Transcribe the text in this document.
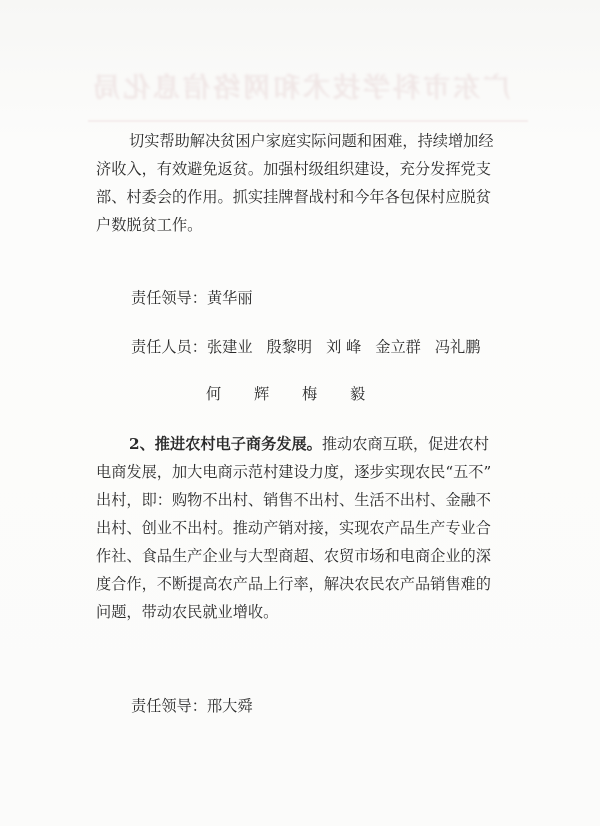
广东市科学技术和网络信息化局
切实帮助解决贫困户家庭实际问题和困难，持续增加经
济收入，有效避免返贫。加强村级组织建设，充分发挥党支
部、村委会的作用。抓实挂牌督战村和今年各包保村应脱贫
户数脱贫工作。
责任领导：黄华丽
责任人员：张建业 殷黎明 刘 峰 金立群 冯礼鹏
何 辉 梅 毅
2、推进农村电子商务发展。推动农商互联，促进农村
电商发展，加大电商示范村建设力度，逐步实现农民“五不”
出村，即：购物不出村、销售不出村、生活不出村、金融不
出村、创业不出村。推动产销对接，实现农产品生产专业合
作社、食品生产企业与大型商超、农贸市场和电商企业的深
度合作，不断提高农产品上行率，解决农民农产品销售难的
问题，带动农民就业增收。
责任领导：邢大舜
